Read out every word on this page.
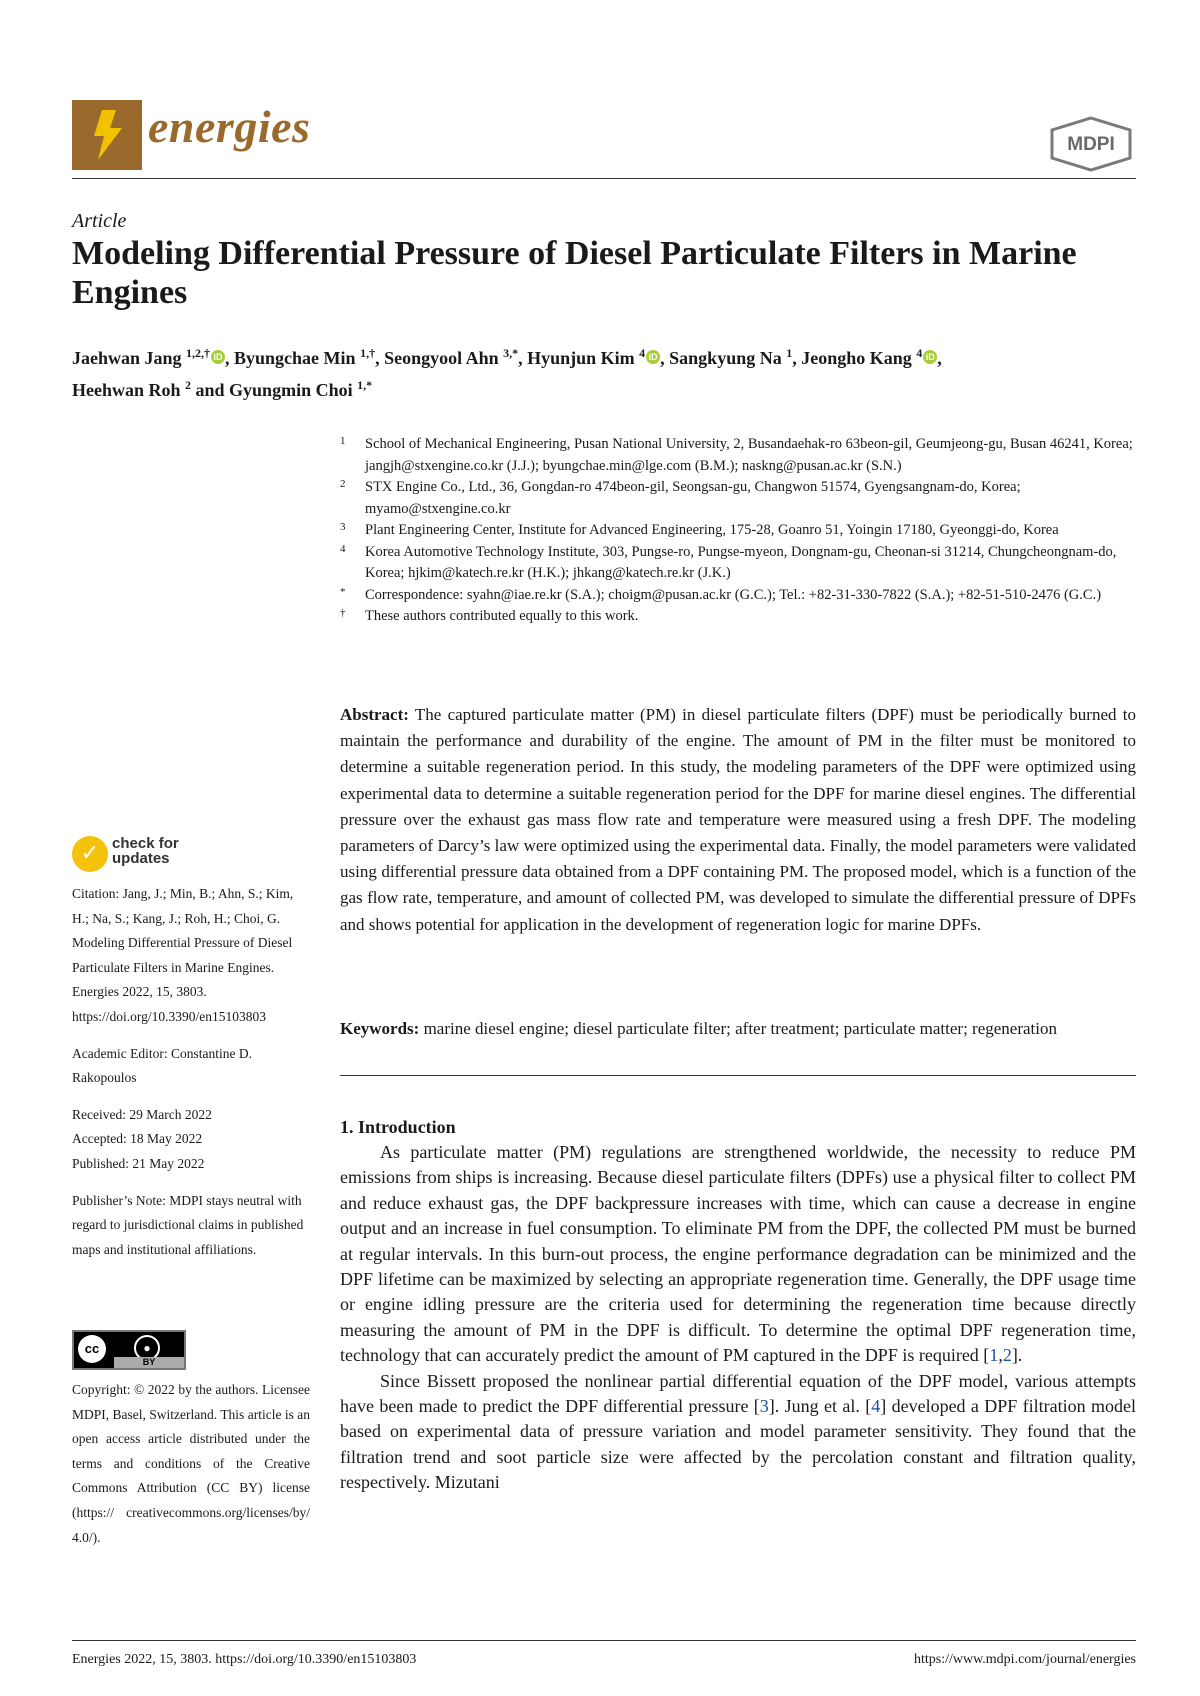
energies	MDPI
Article
Modeling Differential Pressure of Diesel Particulate Filters in Marine Engines
Jaehwan Jang $^{1,2,\dagger}$ iD , Byungchae Min $^{1,\dagger}$, Seongyool Ahn $^{3,*}$, Hyunjun Kim $^4$ iD , Sangkyung Na $^1$, Jeongho Kang $^4$ iD ,
Heehwan Roh $^2$ and Gyungmin Choi $^{1,*}$
1 School of Mechanical Engineering, Pusan National University, 2, Busandaehak-ro 63beon-gil, Geumjeong-gu, Busan 46241, Korea; jangjh@stxengine.co.kr (J.J.); byungchae.min@lge.com (B.M.); naskng@pusan.ac.kr (S.N.)
2 STX Engine Co., Ltd., 36, Gongdan-ro 474beon-gil, Seongsan-gu, Changwon 51574, Gyengsangnam-do, Korea; myamo@stxengine.co.kr
3 Plant Engineering Center, Institute for Advanced Engineering, 175-28, Goanro 51, Yoingin 17180, Gyeonggi-do, Korea
4 Korea Automotive Technology Institute, 303, Pungse-ro, Pungse-myeon, Dongnam-gu, Cheonan-si 31214, Chungcheongnam-do, Korea; hjkim@katech.re.kr (H.K.); jhkang@katech.re.kr (J.K.)
* Correspondence: syahn@iae.re.kr (S.A.); choigm@pusan.ac.kr (G.C.); Tel.: +82-31-330-7822 (S.A.); +82-51-510-2476 (G.C.)
† These authors contributed equally to this work.
Abstract: The captured particulate matter (PM) in diesel particulate filters (DPF) must be periodically burned to maintain the performance and durability of the engine. The amount of PM in the filter must be monitored to determine a suitable regeneration period. In this study, the modeling parameters of the DPF were optimized using experimental data to determine a suitable regeneration period for the DPF for marine diesel engines. The differential pressure over the exhaust gas mass flow rate and temperature were measured using a fresh DPF. The modeling parameters of Darcy’s law were optimized using the experimental data. Finally, the model parameters were validated using differential pressure data obtained from a DPF containing PM. The proposed model, which is a function of the gas flow rate, temperature, and amount of collected PM, was developed to simulate the differential pressure of DPFs and shows potential for application in the development of regeneration logic for marine DPFs.
Keywords: marine diesel engine; diesel particulate filter; after treatment; particulate matter; regeneration
1. Introduction

As particulate matter (PM) regulations are strengthened worldwide, the necessity to reduce PM emissions from ships is increasing. Because diesel particulate filters (DPFs) use a physical filter to collect PM and reduce exhaust gas, the DPF backpressure increases with time, which can cause a decrease in engine output and an increase in fuel consumption. To eliminate PM from the DPF, the collected PM must be burned at regular intervals. In this burn-out process, the engine performance degradation can be minimized and the DPF lifetime can be maximized by selecting an appropriate regeneration time. Generally, the DPF usage time or engine idling pressure are the criteria used for determining the regeneration time because directly measuring the amount of PM in the DPF is difficult. To determine the optimal DPF regeneration time, technology that can accurately predict the amount of PM captured in the DPF is required [1,2].

Since Bissett proposed the nonlinear partial differential equation of the DPF model, various attempts have been made to predict the DPF differential pressure [3]. Jung et al. [4] developed a DPF filtration model based on experimental data of pressure variation and model parameter sensitivity. They found that the filtration trend and soot particle size were affected by the percolation constant and filtration quality, respectively. Mizutani

✓ check for updates

Citation: Jang, J.; Min, B.; Ahn, S.; Kim, H.; Na, S.; Kang, J.; Roh, H.; Choi, G. Modeling Differential Pressure of Diesel Particulate Filters in Marine Engines. Energies 2022, 15, 3803. https://doi.org/10.3390/en15103803

Academic Editor: Constantine D. Rakopoulos

Received: 29 March 2022

Accepted: 18 May 2022

Published: 21 May 2022

Publisher’s Note: MDPI stays neutral with regard to jurisdictional claims in published maps and institutional affiliations.

cc	●
BY
Copyright: © 2022 by the authors. Licensee MDPI, Basel, Switzerland. This article is an open access article distributed under the terms and conditions of the Creative Commons Attribution (CC BY) license (https:// creativecommons.org/licenses/by/ 4.0/).
Energies 2022, 15, 3803. https://doi.org/10.3390/en15103803	https://www.mdpi.com/journal/energies
